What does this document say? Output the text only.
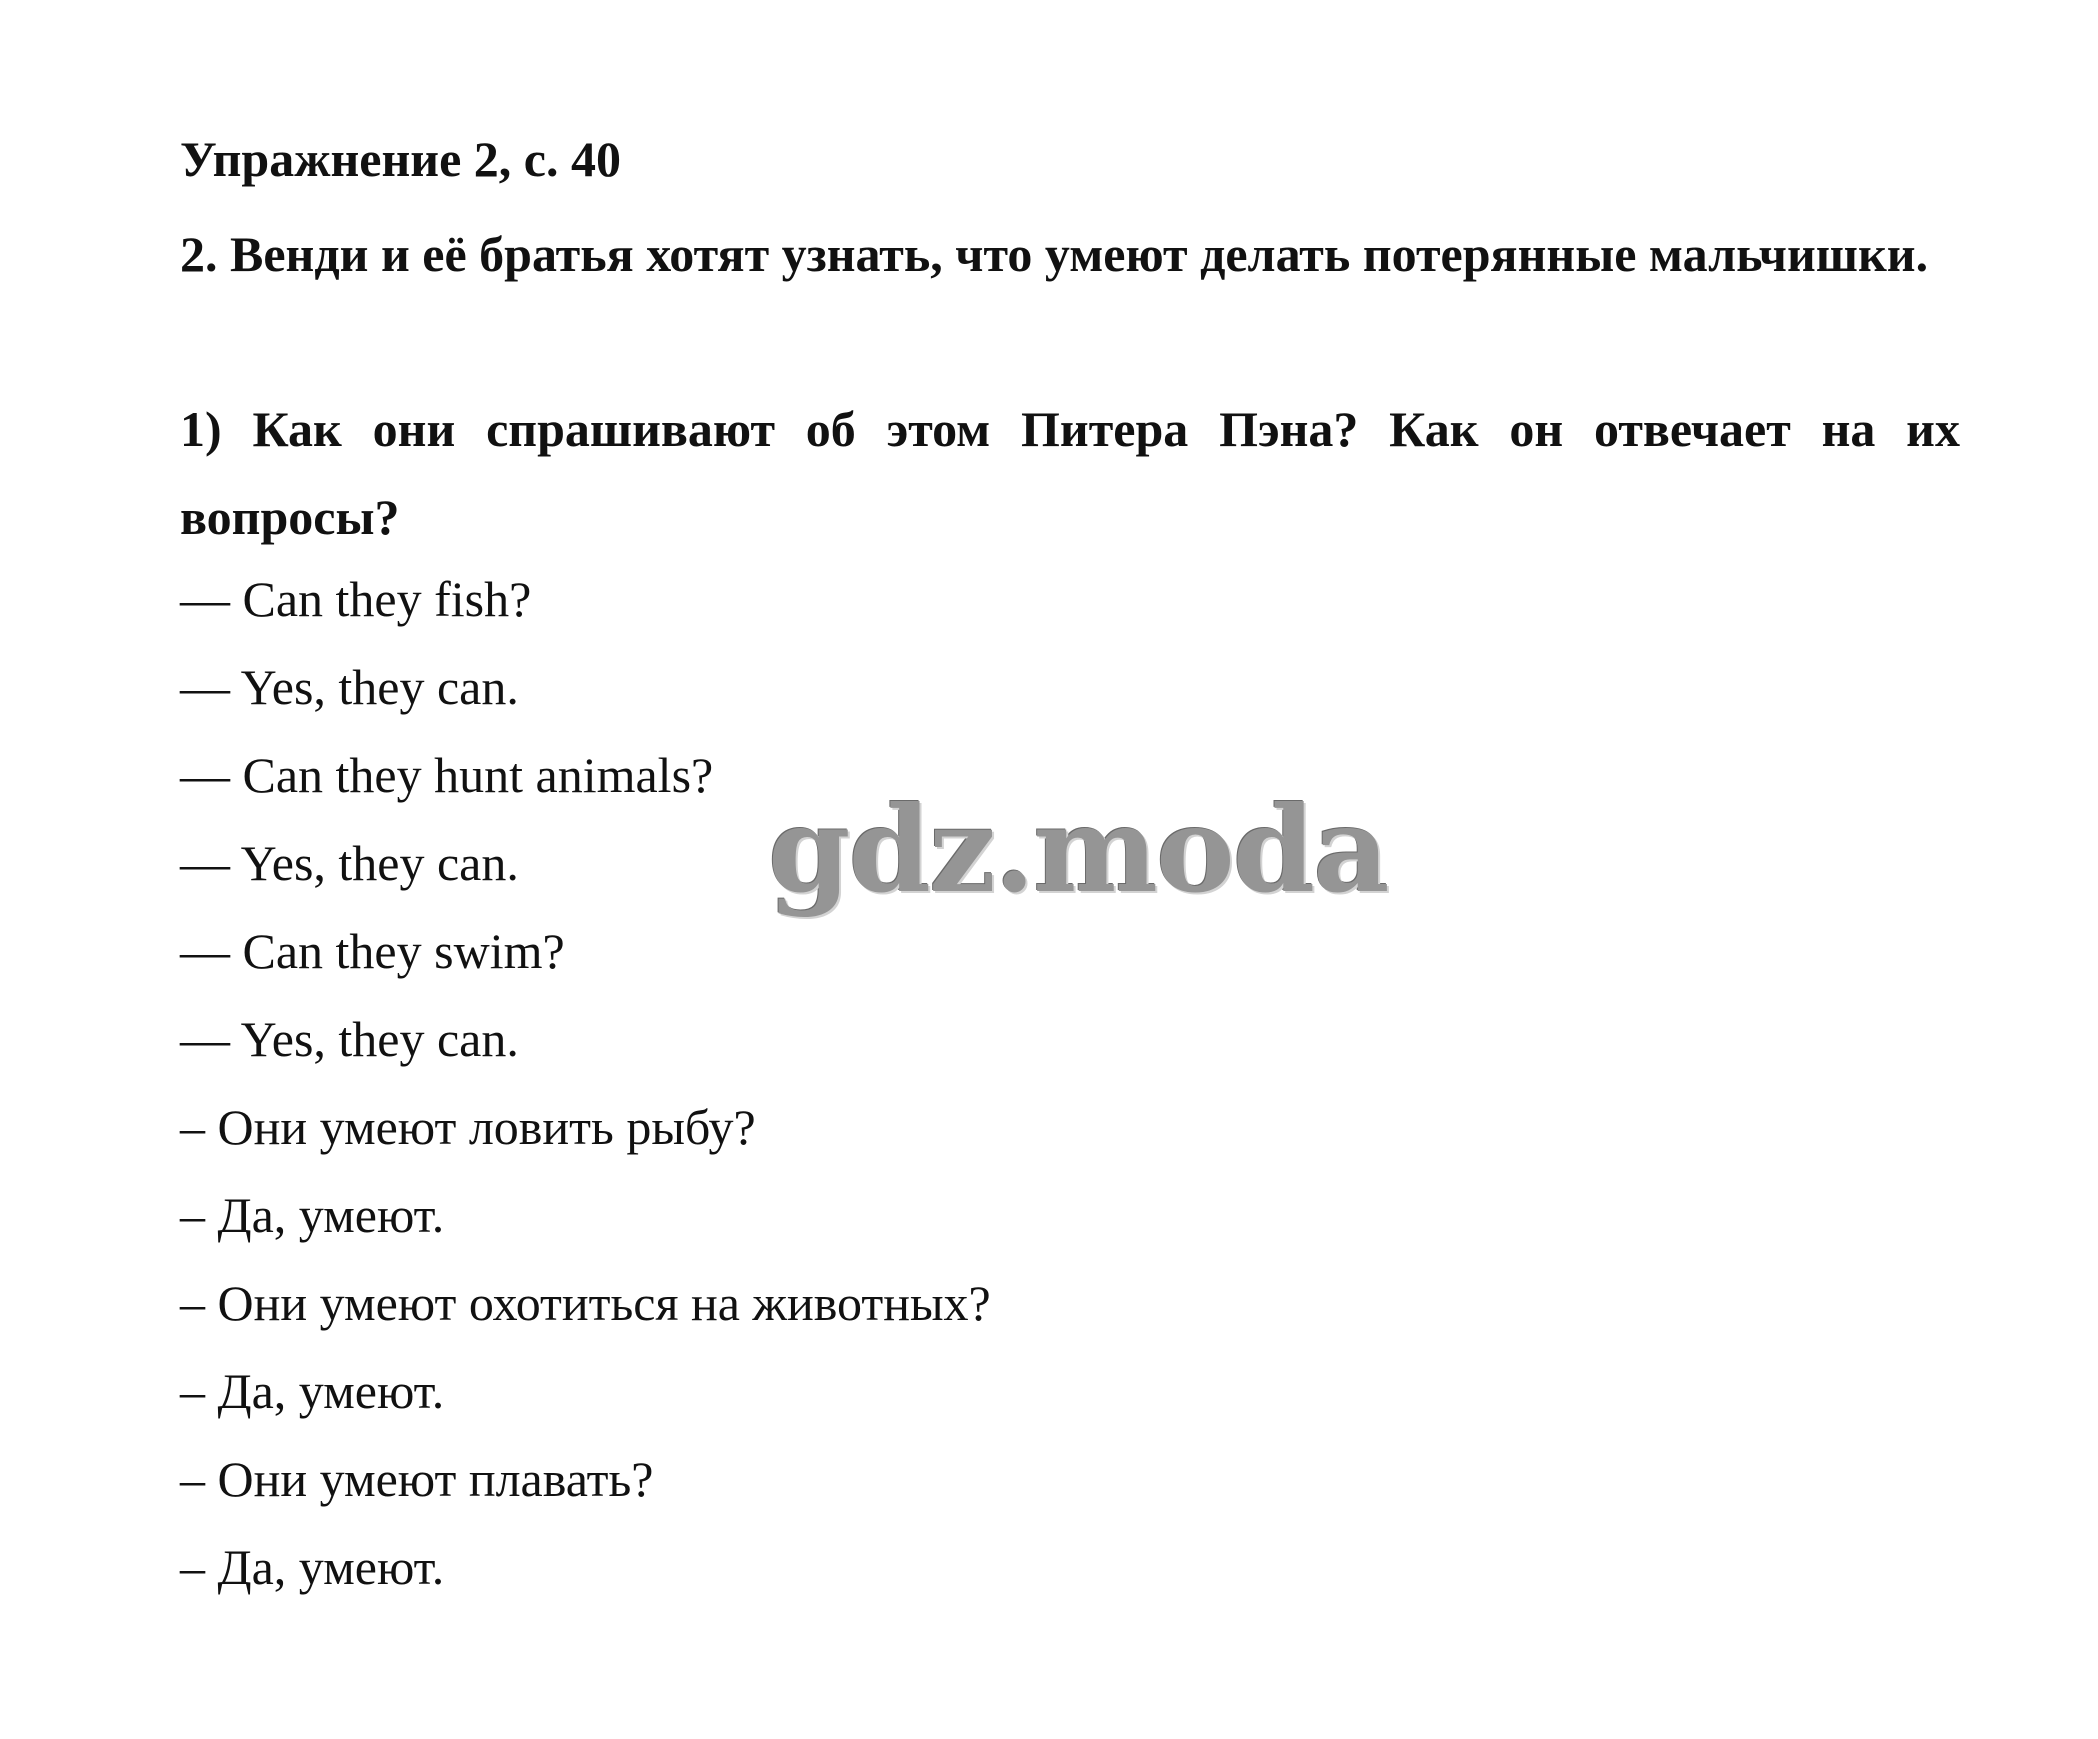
Упражнение 2, с. 40
2. Венди и её братья хотят узнать, что умеют делать потерянные мальчишки.
1) Как они спрашивают об этом Питера Пэна? Как он отвечает на их вопросы?
— Can they fish?
— Yes, they can.
— Can they hunt animals?
— Yes, they can.
— Can they swim?
— Yes, they can.
– Они умеют ловить рыбу?
– Да, умеют.
– Они умеют охотиться на животных?
– Да, умеют.
– Они умеют плавать?
– Да, умеют.
gdz.moda
